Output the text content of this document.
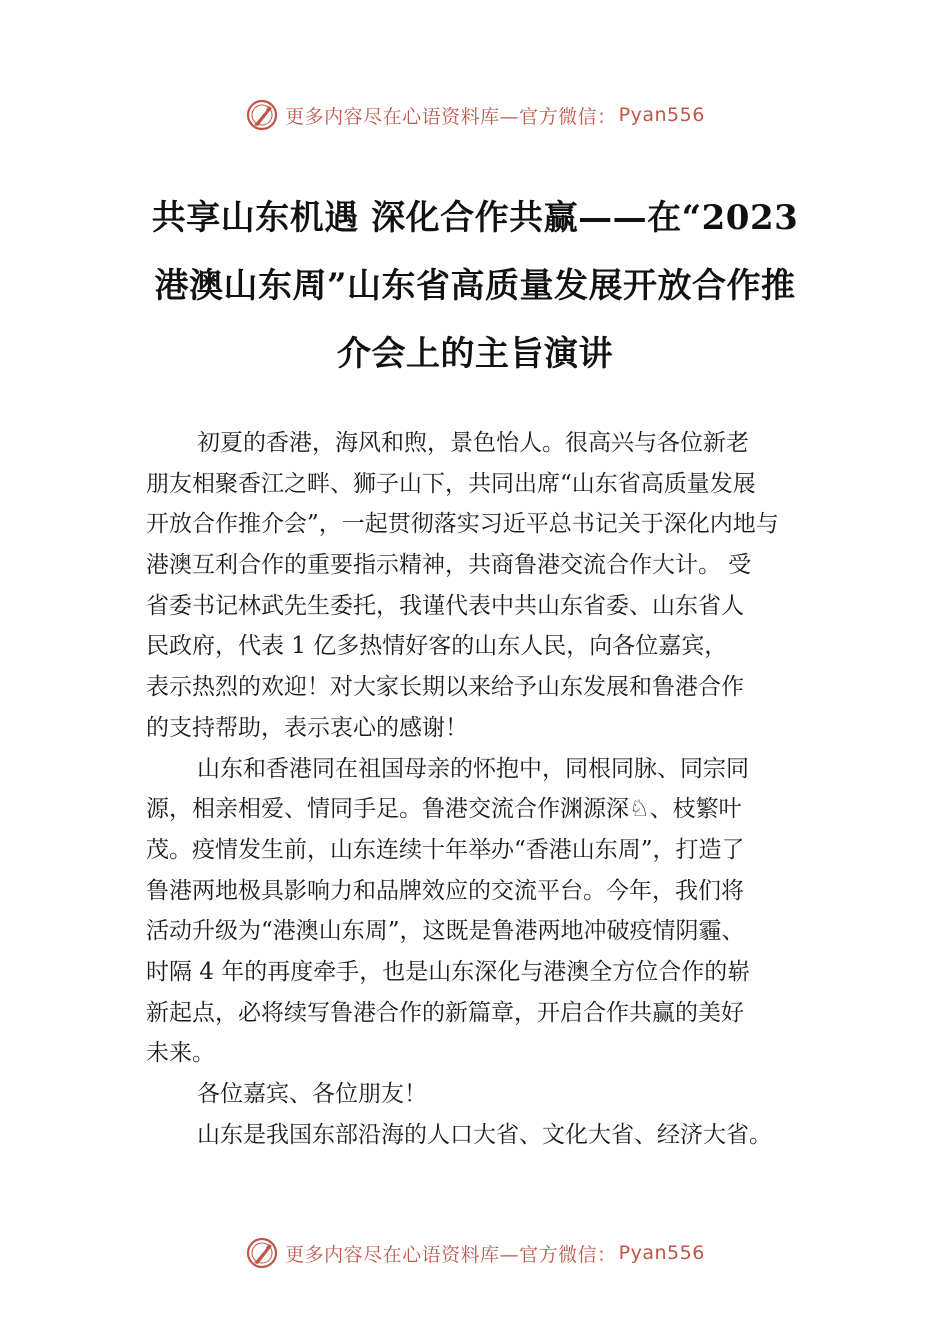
更多内容尽在心语资料库—官方微信： Pyan556
共享山东机遇 深化合作共赢——在“2023
港澳山东周”山东省高质量发展开放合作推
介会上的主旨演讲
初夏的香港，海风和煦，景色怡人。很高兴与各位新老
朋友相聚香江之畔、狮子山下，共同出席“山东省高质量发展
开放合作推介会”，一起贯彻落实习近平总书记关于深化内地与
港澳互利合作的重要指示精神，共商鲁港交流合作大计。 受
省委书记林武先生委托，我谨代表中共山东省委、山东省人
民政府，代表 1 亿多热情好客的山东人民，向各位嘉宾，
表示热烈的欢迎！对大家长期以来给予山东发展和鲁港合作
的支持帮助，表示衷心的感谢！
山东和香港同在祖国母亲的怀抱中，同根同脉、同宗同
源，相亲相爱、情同手足。鲁港交流合作渊源深♘、枝繁叶
茂。疫情发生前，山东连续十年举办“香港山东周”，打造了
鲁港两地极具影响力和品牌效应的交流平台。今年，我们将
活动升级为“港澳山东周”，这既是鲁港两地冲破疫情阴霾、
时隔 4 年的再度牵手，也是山东深化与港澳全方位合作的崭
新起点，必将续写鲁港合作的新篇章，开启合作共赢的美好
未来。
各位嘉宾、各位朋友！
山东是我国东部沿海的人口大省、文化大省、经济大省。
更多内容尽在心语资料库—官方微信： Pyan556
